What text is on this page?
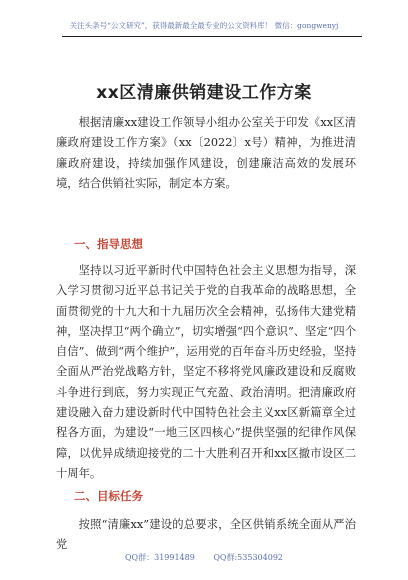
关注头条号“公文研究”，获得最新最全最专业的公文资料库！ 微信：gongwenyj
xx区清廉供销建设工作方案
根据清廉xx建设工作领导小组办公室关于印发《xx区清廉政府建设工作方案》（xx〔2022〕x号）精神，为推进清廉政府建设，持续加强作风建设，创建廉洁高效的发展环境，结合供销社实际，制定本方案。
一、指导思想
坚持以习近平新时代中国特色社会主义思想为指导，深入学习贯彻习近平总书记关于党的自我革命的战略思想，全面贯彻党的十九大和十九届历次全会精神，弘扬伟大建党精神，坚决捍卫“两个确立”，切实增强“四个意识”、坚定“四个自信”、做到“两个维护”，运用党的百年奋斗历史经验，坚持全面从严治党战略方针，坚定不移将党风廉政建设和反腐败斗争进行到底，努力实现正气充盈、政治清明。把清廉政府建设融入奋力建设新时代中国特色社会主义xx区新篇章全过程各方面，为建设“一地三区四核心”提供坚强的纪律作风保障，以优异成绩迎接党的二十大胜利召开和xx区撤市设区二十周年。
二、目标任务
按照“清廉xx”建设的总要求，全区供销系统全面从严治党
QQ群：31991489 QQ群:535304092
